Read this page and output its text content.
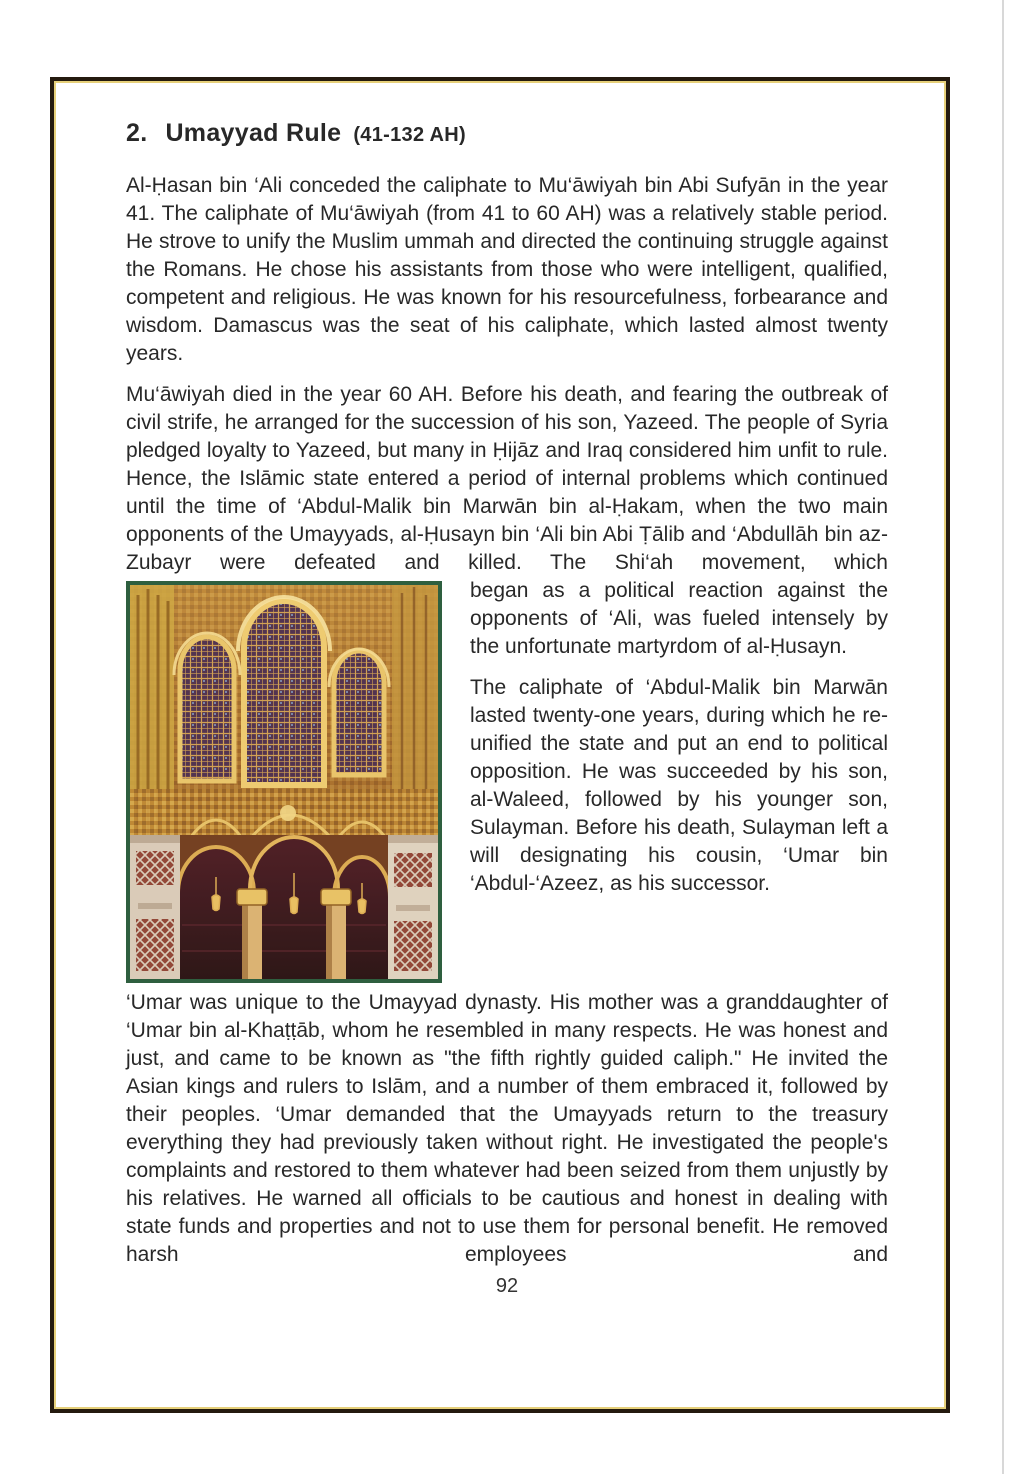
2. Umayyad Rule (41-132 AH)

Al-Ḥasan bin ‘Ali conceded the caliphate to Mu‘āwiyah bin Abi Sufyān in the year 41. The caliphate of Mu‘āwiyah (from 41 to 60 AH) was a relatively stable period. He strove to unify the Muslim ummah and directed the continuing struggle against the Romans. He chose his assistants from those who were intelligent, qualified, competent and religious. He was known for his resourcefulness, forbearance and wisdom. Damascus was the seat of his caliphate, which lasted almost twenty years.

Mu‘āwiyah died in the year 60 AH. Before his death, and fearing the outbreak of civil strife, he arranged for the succession of his son, Yazeed. The people of Syria pledged loyalty to Yazeed, but many in Ḥijāz and Iraq considered him unfit to rule. Hence, the Islāmic state entered a period of internal problems which continued until the time of ‘Abdul-Malik bin Marwān bin al-Ḥakam, when the two main opponents of the Umayyads, al-Ḥusayn bin ‘Ali bin Abi Ṭālib and ‘Abdullāh bin az-Zubayr were defeated and killed. The Shi‘ah movement, which

began as a political reaction against the opponents of ‘Ali, was fueled intensely by the unfortunate martyrdom of al-Ḥusayn.

The caliphate of ‘Abdul-Malik bin Marwān lasted twenty-one years, during which he re-unified the state and put an end to political opposition. He was succeeded by his son, al-Waleed, followed by his younger son, Sulayman. Before his death, Sulayman left a will designating his cousin, ‘Umar bin ‘Abdul-‘Azeez, as his successor.

‘Umar was unique to the Umayyad dynasty. His mother was a granddaughter of ‘Umar bin al-Khaṭṭāb, whom he resembled in many respects. He was honest and just, and came to be known as "the fifth rightly guided caliph." He invited the Asian kings and rulers to Islām, and a number of them embraced it, followed by their peoples. ‘Umar demanded that the Umayyads return to the treasury everything they had previously taken without right. He investigated the people's complaints and restored to them whatever had been seized from them unjustly by his relatives. He warned all officials to be cautious and honest in dealing with state funds and properties and not to use them for personal benefit. He removed harsh employees and

92
